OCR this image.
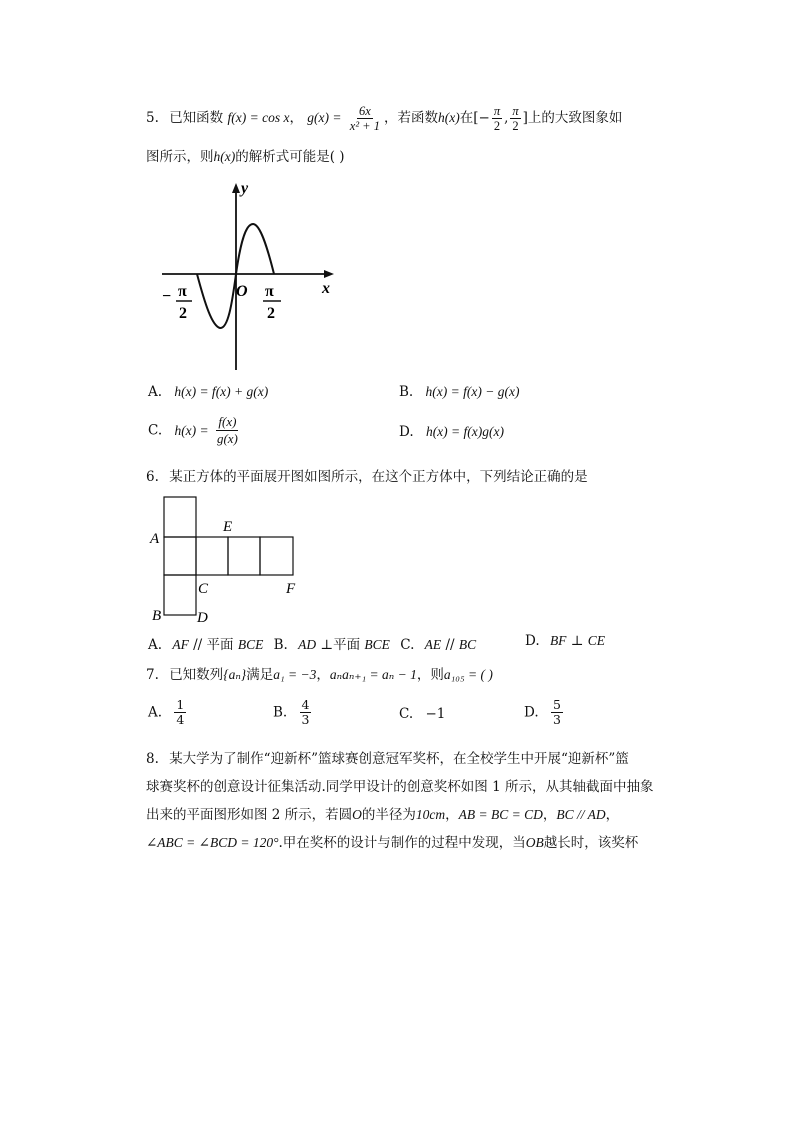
5. 已知函数 f(x) = cos x， $g(x) = \frac{6x}{\text{x² + 1}}$ ，若函数h(x)在[− $\frac{\pi}{2}$ , $\frac{\pi}{2}$ ]上的大致图象如
图所示，则h(x)的解析式可能是( )
y
x
O
− π
2
π
2
A. h(x) = f(x) + g(x)	B. h(x) = f(x) − g(x)
C. $h(x) = \frac{f(x)}{g(x)}$	D. h(x) = f(x)g(x)
6. 某正方体的平面展开图如图所示，在这个正方体中，下列结论正确的是
A
E
C	F
B D
A. AF // 平面 BCE B. AD ⊥平面 BCE C. AE // BC	D. BF ⊥ CE
7. 已知数列{aₙ}满足a₁ = −3，aₙaₙ₊₁ = aₙ − 1，则a₁₀₅ = ( )
A. $\frac{1}{4}$	B. $\frac{4}{3}$	C. −1	D. $\frac{5}{3}$
8. 某大学为了制作“迎新杯”篮球赛创意冠军奖杯，在全校学生中开展“迎新杯”篮
球赛奖杯的创意设计征集活动.同学甲设计的创意奖杯如图 1 所示，从其轴截面中抽象
出来的平面图形如图 2 所示，若圆O的半径为10cm，AB = BC = CD，BC // AD，
∠ABC = ∠BCD = 120°.甲在奖杯的设计与制作的过程中发现，当OB越长时，该奖杯
